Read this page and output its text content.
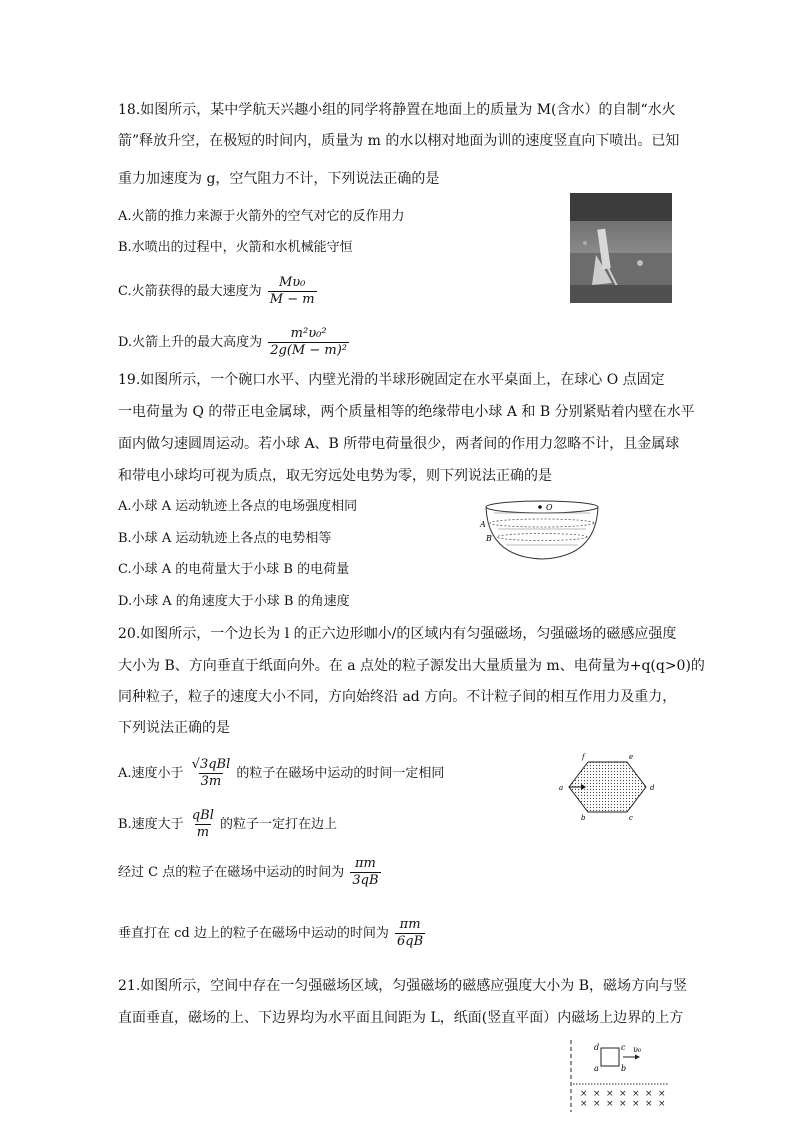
18.如图所示，某中学航天兴趣小组的同学将静置在地面上的质量为 M(含水）的自制“水火
箭”释放升空，在极短的时间内，质量为 m 的水以栩对地面为训的速度竖直向下喷出。已知
重力加速度为 g，空气阻力不计，下列说法正确的是
A.火箭的推力来源于火箭外的空气对它的反作用力
B.水喷出的过程中，火箭和水机械能守恒
C.火箭获得的最大速度为 $\frac{\text{Mυ₀}}{M - m}$
D.火箭上升的最大高度为 $\frac{\text{m²υ₀²}}{\text{2g(M − m)²}}$
19.如图所示，一个碗口水平、内壁光滑的半球形碗固定在水平桌面上，在球心 O 点固定
一电荷量为 Q 的带正电金属球，两个质量相等的绝缘带电小球 A 和 B 分别紧贴着内壁在水平
面内做匀速圆周运动。若小球 A、B 所带电荷量很少，两者间的作用力忽略不计，且金属球
和带电小球均可视为质点，取无穷远处电势为零，则下列说法正确的是
A.小球 A 运动轨迹上各点的电场强度相同
B.小球 A 运动轨迹上各点的电势相等
C.小球 A 的电荷量大于小球 B 的电荷量
D.小球 A 的角速度大于小球 B 的角速度
O
A
B
20.如图所示，一个边长为 l 的正六边形咖小/的区域内有匀强磁场，匀强磁场的磁感应强度
大小为 B、方向垂直于纸面向外。在 a 点处的粒子源发出大量质量为 m、电荷量为+q(q>0)的
同种粒子，粒子的速度大小不同，方向始终沿 ad 方向。不计粒子间的相互作用力及重力，
下列说法正确的是
A.速度小于 $\frac{\text{√3qBl}}{3m}$ 的粒子在磁场中运动的时间一定相同
B.速度大于 $\frac{\text{qBl}}{m}$ 的粒子一定打在边上
经过 C 点的粒子在磁场中运动的时间为 $\frac{\pi m}{3qB}$
垂直打在 cd 边上的粒子在磁场中运动的时间为 $\frac{\pi m}{6qB}$
a
b	c
d
e
f
21.如图所示，空间中存在一匀强磁场区域，匀强磁场的磁感应强度大小为 B，磁场方向与竖
直面垂直，磁场的上、下边界均为水平面且间距为 L，纸面(竖直平面）内磁场上边界的上方
d	c
a	b
υ₀
× × × × × × ×
× × × × × × ×
